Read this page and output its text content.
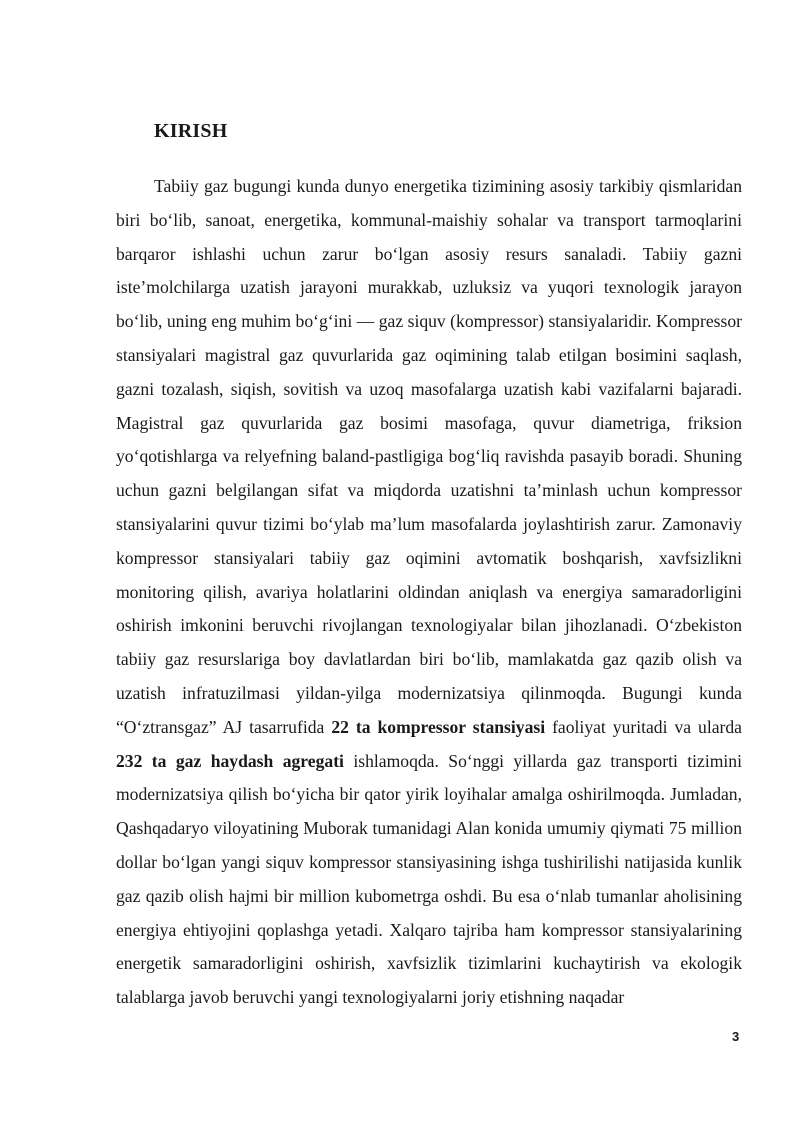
KIRISH

Tabiiy gaz bugungi kunda dunyo energetika tizimining asosiy tarkibiy qismlaridan biri bo‘lib, sanoat, energetika, kommunal-maishiy sohalar va transport tarmoqlarini barqaror ishlashi uchun zarur bo‘lgan asosiy resurs sanaladi. Tabiiy gazni iste’molchilarga uzatish jarayoni murakkab, uzluksiz va yuqori texnologik jarayon bo‘lib, uning eng muhim bo‘g‘ini — gaz siquv (kompressor) stansiyalaridir. Kompressor stansiyalari magistral gaz quvurlarida gaz oqimining talab etilgan bosimini saqlash, gazni tozalash, siqish, sovitish va uzoq masofalarga uzatish kabi vazifalarni bajaradi. Magistral gaz quvurlarida gaz bosimi masofaga, quvur diametriga, friksion yo‘qotishlarga va relyefning baland-pastligiga bog‘liq ravishda pasayib boradi. Shuning uchun gazni belgilangan sifat va miqdorda uzatishni ta’minlash uchun kompressor stansiyalarini quvur tizimi bo‘ylab ma’lum masofalarda joylashtirish zarur. Zamonaviy kompressor stansiyalari tabiiy gaz oqimini avtomatik boshqarish, xavfsizlikni monitoring qilish, avariya holatlarini oldindan aniqlash va energiya samaradorligini oshirish imkonini beruvchi rivojlangan texnologiyalar bilan jihozlanadi. O‘zbekiston tabiiy gaz resurslariga boy davlatlardan biri bo‘lib, mamlakatda gaz qazib olish va uzatish infratuzilmasi yildan-yilga modernizatsiya qilinmoqda. Bugungi kunda “O‘ztransgaz” AJ tasarrufida 22 ta kompressor stansiyasi faoliyat yuritadi va ularda 232 ta gaz haydash agregati ishlamoqda. So‘nggi yillarda gaz transporti tizimini modernizatsiya qilish bo‘yicha bir qator yirik loyihalar amalga oshirilmoqda. Jumladan, Qashqadaryo viloyatining Muborak tumanidagi Alan konida umumiy qiymati 75 million dollar bo‘lgan yangi siquv kompressor stansiyasining ishga tushirilishi natijasida kunlik gaz qazib olish hajmi bir million kubometrga oshdi. Bu esa o‘nlab tumanlar aholisining energiya ehtiyojini qoplashga yetadi. Xalqaro tajriba ham kompressor stansiyalarining energetik samaradorligini oshirish, xavfsizlik tizimlarini kuchaytirish va ekologik talablarga javob beruvchi yangi texnologiyalarni joriy etishning naqadar

3
